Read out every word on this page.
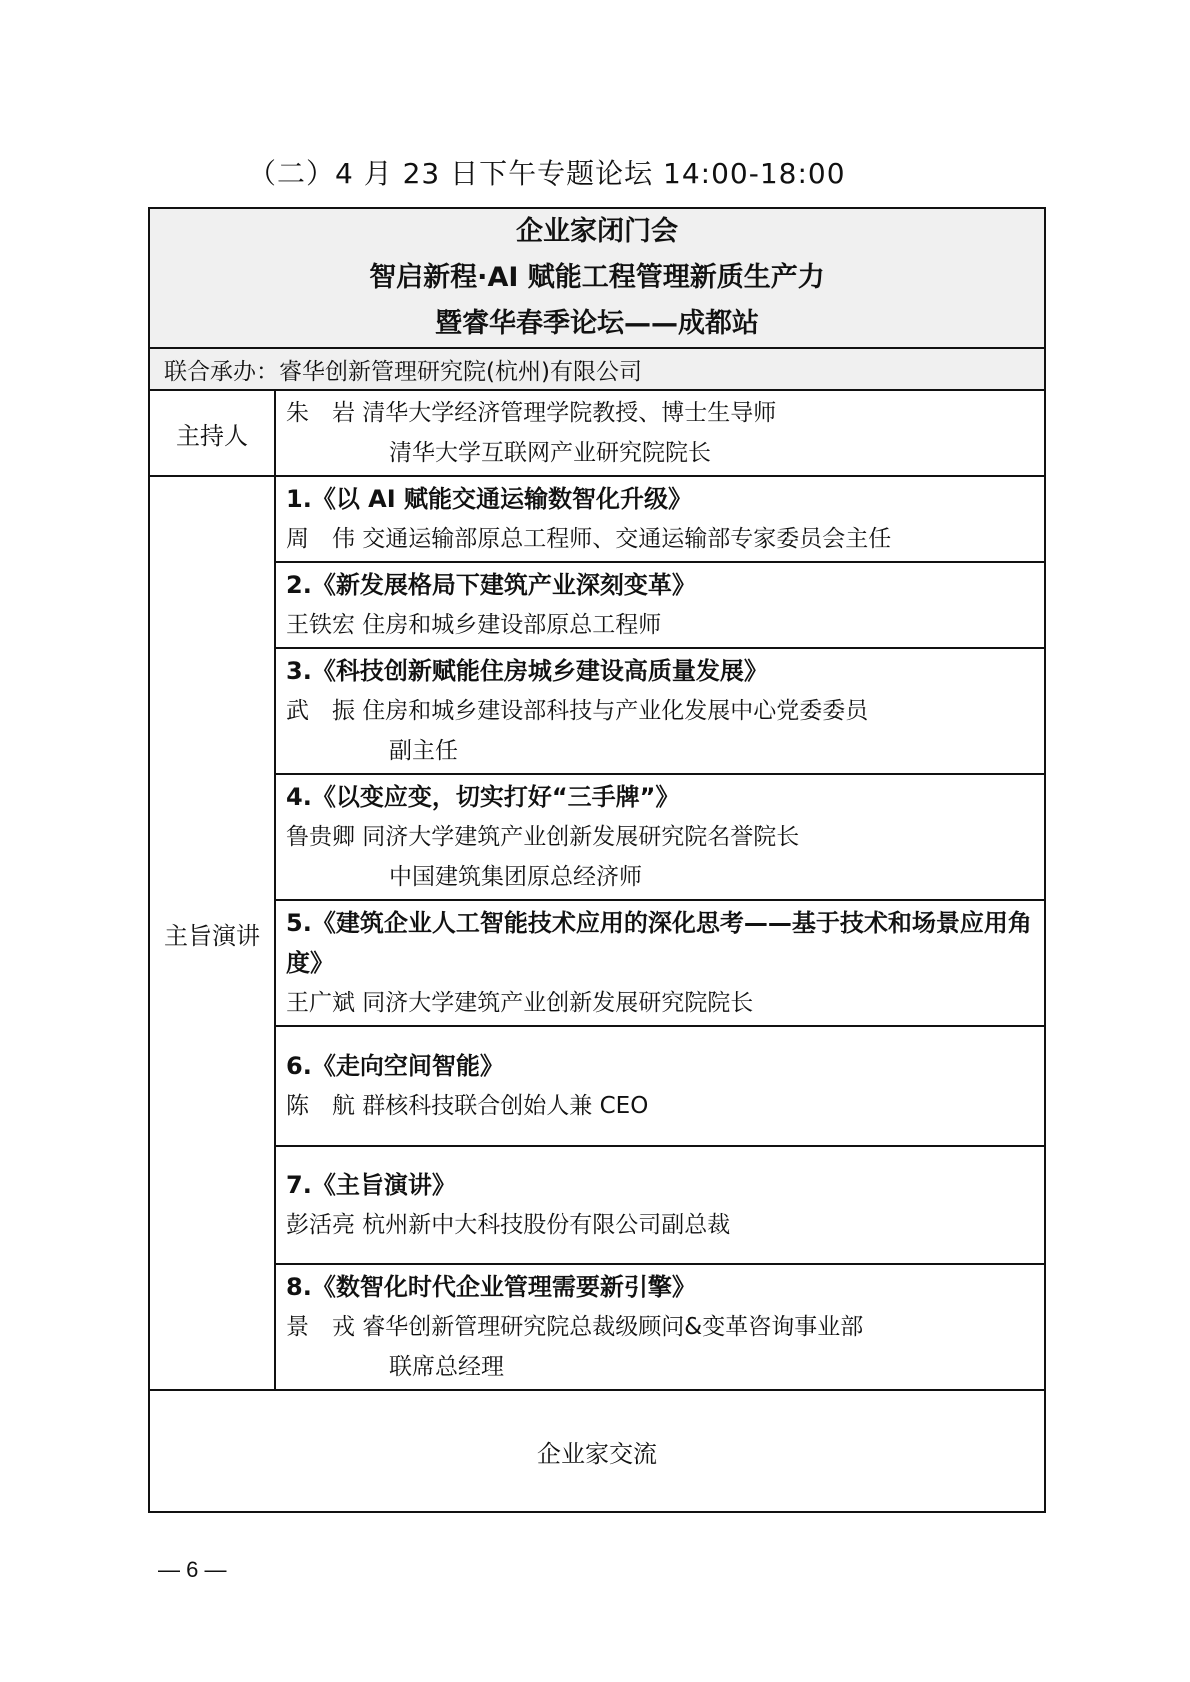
（二）4 月 23 日下午专题论坛 14:00-18:00
企业家闭门会
智启新程·AI 赋能工程管理新质生产力
暨睿华春季论坛——成都站	

联合承办：睿华创新管理研究院(杭州)有限公司	
主持人	朱　岩 清华大学经济管理学院教授、博士生导师
清华大学互联网产业研究院院长

主旨演讲	1.《以 AI 赋能交通运输数智化升级》
周　伟 交通运输部原总工程师、交通运输部专家委员会主任

	2.《新发展格局下建筑产业深刻变革》
王铁宏 住房和城乡建设部原总工程师

	3.《科技创新赋能住房城乡建设高质量发展》
武　振 住房和城乡建设部科技与产业化发展中心党委委员
副主任

	4.《以变应变，切实打好“三手牌”》
鲁贵卿 同济大学建筑产业创新发展研究院名誉院长
中国建筑集团原总经济师

	5.《建筑企业人工智能技术应用的深化思考——基于技术和场景应用角度》
王广斌 同济大学建筑产业创新发展研究院院长

	6.《走向空间智能》
陈　航 群核科技联合创始人兼 CEO

	7.《主旨演讲》
彭活亮 杭州新中大科技股份有限公司副总裁

	8.《数智化时代企业管理需要新引擎》
景　戎 睿华创新管理研究院总裁级顾问&变革咨询事业部
联席总经理

企业家交流	
— 6 —
